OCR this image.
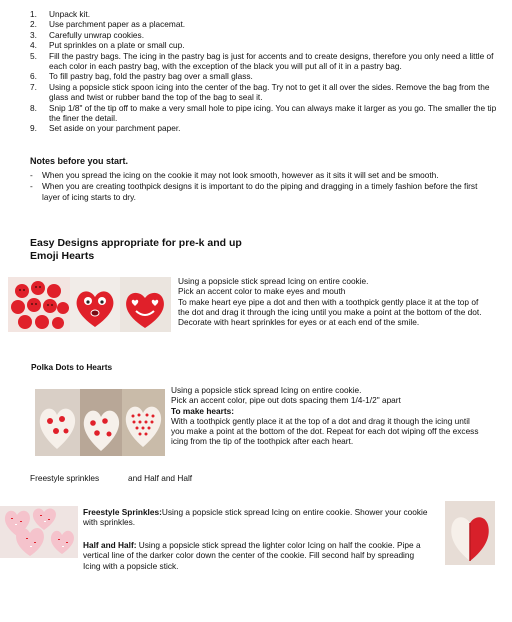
1. Unpack kit.
2. Use parchment paper as a placemat.
3. Carefully unwrap cookies.
4. Put sprinkles on a plate or small cup.
5. Fill the pastry bags. The icing in the pastry bag is just for accents and to create designs, therefore you only need a little of each color in each pastry bag, with the exception of the black you will put all of it in a pastry bag.
6. To fill pastry bag, fold the pastry bag over a small glass.
7. Using a popsicle stick spoon icing into the center of the bag. Try not to get it all over the sides. Remove the bag from the glass and twist or rubber band the top of the bag to seal it.
8. Snip 1/8" of the tip off to make a very small hole to pipe icing. You can always make it larger as you go. The smaller the tip the finer the detail.
9. Set aside on your parchment paper.
Notes before you start.
- When you spread the icing on the cookie it may not look smooth, however as it sits it will set and be smooth.
- When you are creating toothpick designs it is important to do the piping and dragging in a timely fashion before the first layer of icing starts to dry.
Easy Designs appropriate for pre-k and up
Emoji Hearts
Using a popsicle stick spread Icing on entire cookie.
Pick an accent color to make eyes and mouth
To make heart eye pipe a dot and then with a toothpick gently place it at the top of the dot and drag it through the icing until you make a point at the bottom of the dot. Decorate with heart sprinkles for eyes or at each end of the smile.
Polka Dots to Hearts
Using a popsicle stick spread Icing on entire cookie.
Pick an accent color, pipe out dots spacing them 1/4-1/2" apart
To make hearts:
With a toothpick gently place it at the top of a dot and drag it though the icing until you make a point at the bottom of the dot. Repeat for each dot wiping off the excess icing from the tip of the toothpick after each heart.
Freestyle sprinkles	and Half and Half
Freestyle Sprinkles:Using a popsicle stick spread Icing on entire cookie. Shower your cookie with sprinkles.
Half and Half: Using a popsicle stick spread the lighter color Icing on half the cookie. Pipe a vertical line of the darker color down the center of the cookie. Fill second half by spreading Icing with a popsicle stick.
